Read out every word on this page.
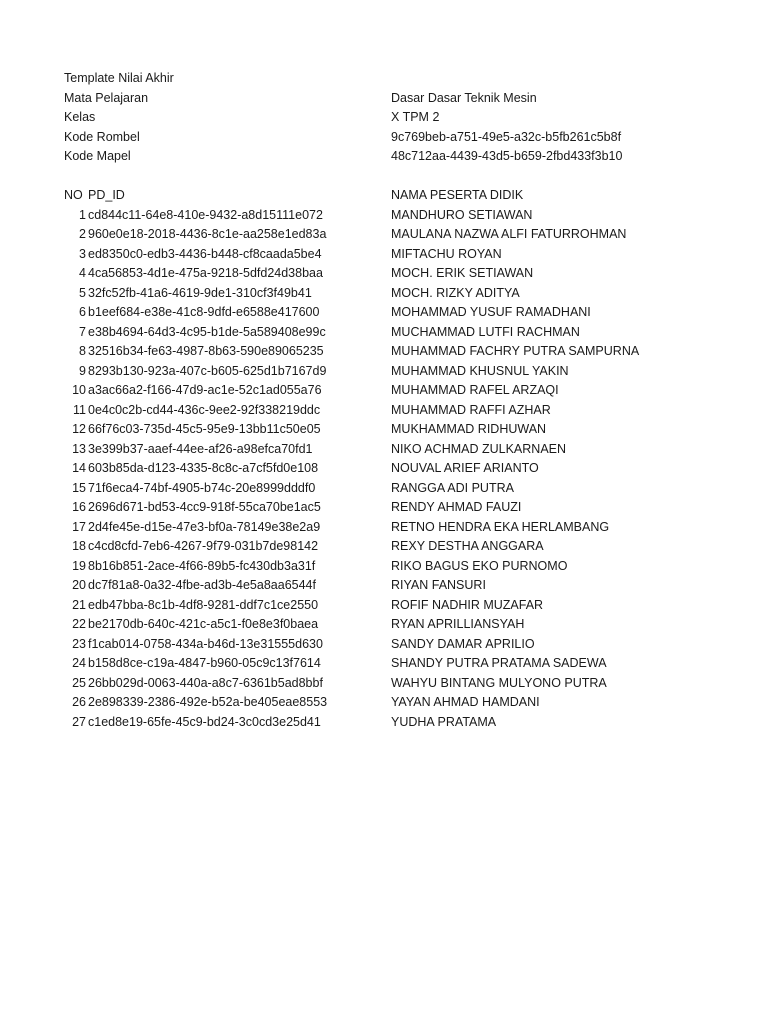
Template Nilai Akhir
Mata Pelajaran	Dasar Dasar Teknik Mesin
Kelas	X TPM 2
Kode Rombel	9c769beb-a751-49e5-a32c-b5fb261c5b8f
Kode Mapel	48c712aa-4439-43d5-b659-2fbd433f3b10
NO PD_ID	NAMA PESERTA DIDIK
1 cd844c11-64e8-410e-9432-a8d15111e072	MANDHURO SETIAWAN
2 960e0e18-2018-4436-8c1e-aa258e1ed83a	MAULANA NAZWA ALFI FATURROHMAN
3 ed8350c0-edb3-4436-b448-cf8caada5be4	MIFTACHU ROYAN
4 4ca56853-4d1e-475a-9218-5dfd24d38baa	MOCH. ERIK SETIAWAN
5 32fc52fb-41a6-4619-9de1-310cf3f49b41	MOCH. RIZKY ADITYA
6 b1eef684-e38e-41c8-9dfd-e6588e417600	MOHAMMAD YUSUF RAMADHANI
7 e38b4694-64d3-4c95-b1de-5a589408e99c	MUCHAMMAD LUTFI RACHMAN
8 32516b34-fe63-4987-8b63-590e89065235	MUHAMMAD FACHRY PUTRA SAMPURNA
9 8293b130-923a-407c-b605-625d1b7167d9	MUHAMMAD KHUSNUL YAKIN
10 a3ac66a2-f166-47d9-ac1e-52c1ad055a76	MUHAMMAD RAFEL ARZAQI
11 0e4c0c2b-cd44-436c-9ee2-92f338219ddc	MUHAMMAD RAFFI AZHAR
12 66f76c03-735d-45c5-95e9-13bb11c50e05	MUKHAMMAD RIDHUWAN
13 3e399b37-aaef-44ee-af26-a98efca70fd1	NIKO ACHMAD ZULKARNAEN
14 603b85da-d123-4335-8c8c-a7cf5fd0e108	NOUVAL ARIEF ARIANTO
15 71f6eca4-74bf-4905-b74c-20e8999dddf0	RANGGA ADI PUTRA
16 2696d671-bd53-4cc9-918f-55ca70be1ac5	RENDY AHMAD FAUZI
17 2d4fe45e-d15e-47e3-bf0a-78149e38e2a9	RETNO HENDRA EKA HERLAMBANG
18 c4cd8cfd-7eb6-4267-9f79-031b7de98142	REXY DESTHA ANGGARA
19 8b16b851-2ace-4f66-89b5-fc430db3a31f	RIKO BAGUS EKO PURNOMO
20 dc7f81a8-0a32-4fbe-ad3b-4e5a8aa6544f	RIYAN FANSURI
21 edb47bba-8c1b-4df8-9281-ddf7c1ce2550	ROFIF NADHIR MUZAFAR
22 be2170db-640c-421c-a5c1-f0e8e3f0baea	RYAN APRILLIANSYAH
23 f1cab014-0758-434a-b46d-13e31555d630	SANDY DAMAR APRILIO
24 b158d8ce-c19a-4847-b960-05c9c13f7614	SHANDY PUTRA PRATAMA SADEWA
25 26bb029d-0063-440a-a8c7-6361b5ad8bbf	WAHYU BINTANG MULYONO PUTRA
26 2e898339-2386-492e-b52a-be405eae8553	YAYAN AHMAD HAMDANI
27 c1ed8e19-65fe-45c9-bd24-3c0cd3e25d41	YUDHA PRATAMA
